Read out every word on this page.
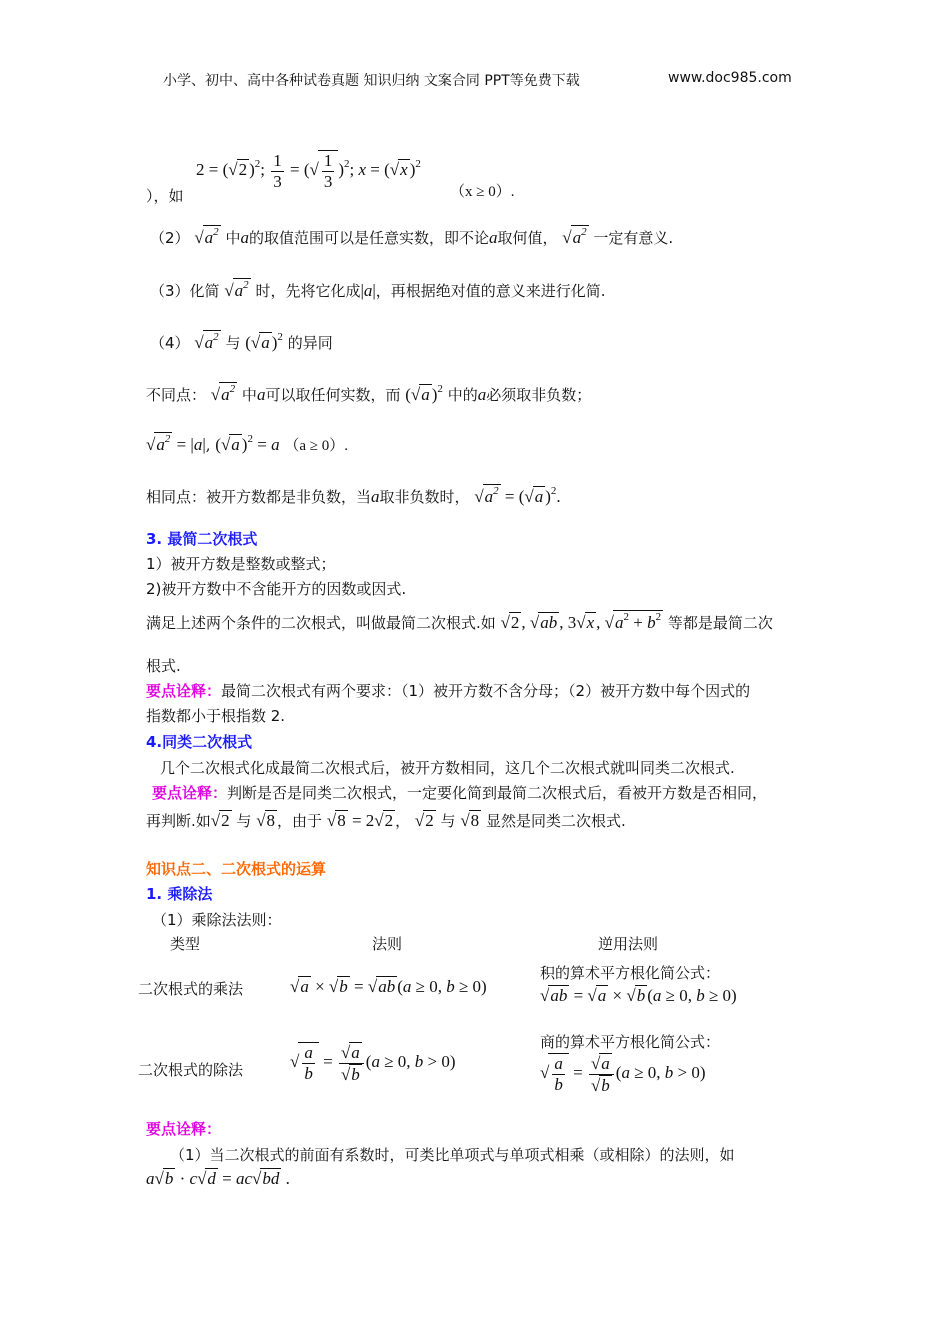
小学、初中、高中各种试卷真题 知识归纳 文案合同 PPT等免费下载	www.doc985.com
2 = (√2 )$^2$; $\frac{1}{3}$ = (√ $\frac{1}{3} )^2$; x = (√x )$^2$
），如	（x ≥ 0）.
（2） $√a^2$ 中a的取值范围可以是任意实数，即不论a取何值， $√a^2$ 一定有意义.
（3）化简 $√a^2$ 时，先将它化成|a|，再根据绝对值的意义来进行化简.
（4） $√a^2$ 与 (√a )$^2$ 的异同
不同点： $√a^2$ 中a可以取任何实数，而 (√a )$^2$ 中的a必须取非负数；
$√a^2 = |a|$, (√a )$^2$ = a （a ≥ 0）.
相同点：被开方数都是非负数，当a取非负数时， $√a^2 = (√a$ )$^2$.
3. 最简二次根式
1）被开方数是整数或整式；
2)被开方数中不含能开方的因数或因式.
满足上述两个条件的二次根式，叫做最简二次根式.如 √2 , √ab , 3√x , $√a^2 + b^2$ 等都是最简二次
根式.
要点诠释：最简二次根式有两个要求：（1）被开方数不含分母；（2）被开方数中每个因式的
指数都小于根指数 2.
4.同类二次根式
几个二次根式化成最简二次根式后，被开方数相同，这几个二次根式就叫同类二次根式.
要点诠释：判断是否是同类二次根式，一定要化简到最简二次根式后，看被开方数是否相同，
再判断.如√2 与 √8 ，由于 √8 = 2√2 ， √2 与 √8 显然是同类二次根式.
知识点二、二次根式的运算
1. 乘除法
（1）乘除法法则：
类型	法则	逆用法则
二次根式的乘法	√a × √b = √ab (a ≥ 0, b ≥ 0)
积的算术平方根化简公式：
√ab = √a × √b (a ≥ 0, b ≥ 0)
二次根式的除法	√ $\frac{a}{b} = \frac{√a}{√b} (a \ge 0$, b > 0)
商的算术平方根化简公式：
√ $\frac{a}{b} = \frac{√a}{√b} (a \ge 0$, b > 0)
要点诠释：
（1）当二次根式的前面有系数时，可类比单项式与单项式相乘（或相除）的法则，如
a√b · c√d = ac√bd .
